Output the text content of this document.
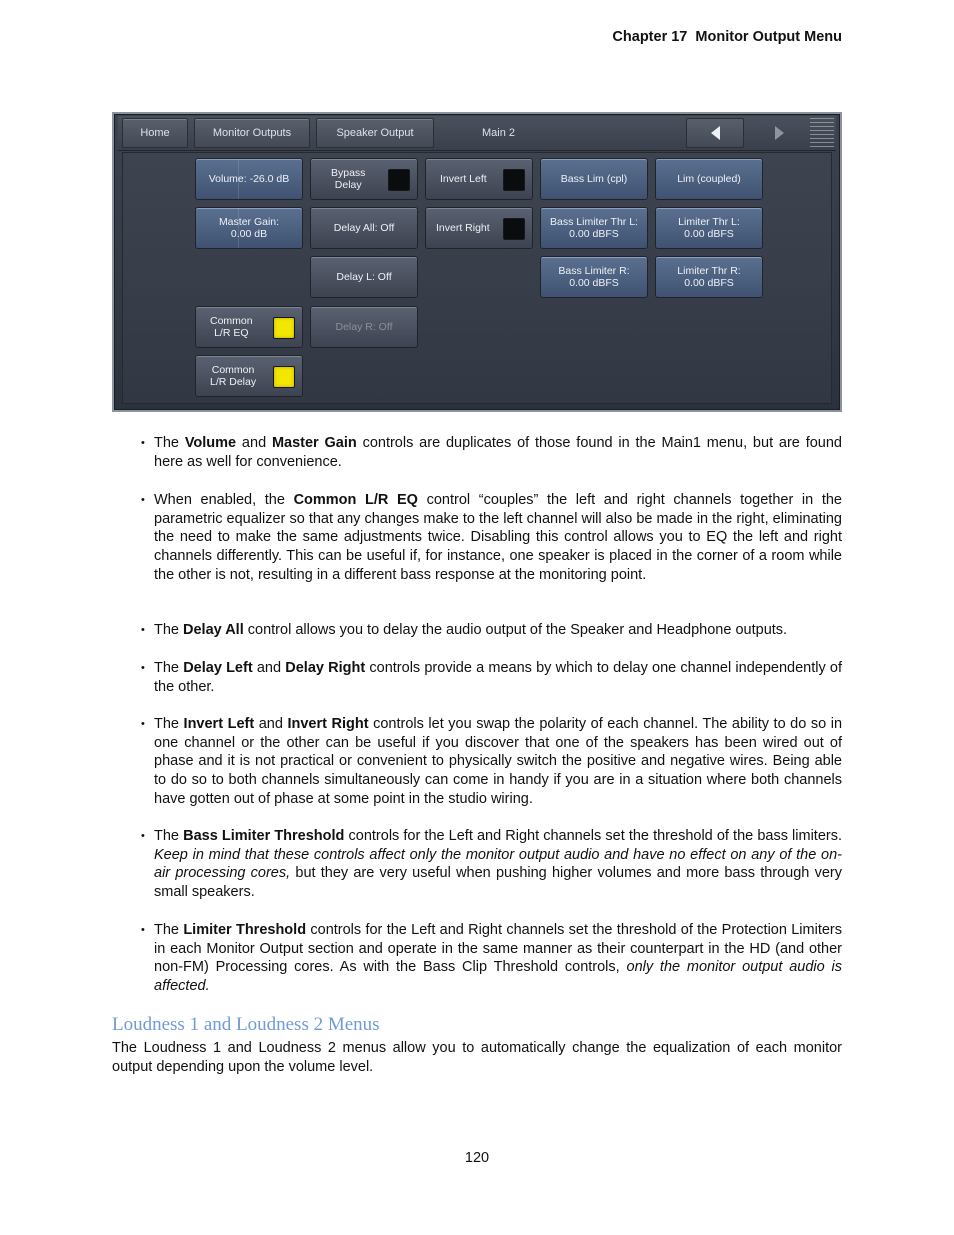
Chapter 17  Monitor Output Menu
Home	Monitor Outputs	Speaker Output	Main 2
Volume: -26.0 dB
Master Gain:
0.00 dB
Common
L/R EQ
Common
L/R Delay
Bypass
Delay
Delay All: Off
Delay L: Off
Delay R: Off
Invert Left
Invert Right
Bass Lim (cpl)
Bass Limiter Thr L:
0.00 dBFS
Bass Limiter R:
0.00 dBFS
Lim (coupled)
Limiter Thr L:
0.00 dBFS
Limiter Thr R:
0.00 dBFS
• The Volume and Master Gain controls are duplicates of those found in the Main1 menu, but are found here as well for convenience.
• When enabled, the Common L/R EQ control “couples” the left and right channels together in the parametric equalizer so that any changes make to the left channel will also be made in the right, eliminating the need to make the same adjustments twice. Disabling this control allows you to EQ the left and right channels differently. This can be useful if, for instance, one speaker is placed in the corner of a room while the other is not, resulting in a different bass response at the monitoring point.
• The Delay All control allows you to delay the audio output of the Speaker and Headphone outputs.
• The Delay Left and Delay Right controls provide a means by which to delay one channel independently of the other.
• The Invert Left and Invert Right controls let you swap the polarity of each channel. The ability to do so in one channel or the other can be useful if you discover that one of the speakers has been wired out of phase and it is not practical or convenient to physically switch the positive and negative wires. Being able to do so to both channels simultaneously can come in handy if you are in a situation where both channels have gotten out of phase at some point in the studio wiring.
• The Bass Limiter Threshold controls for the Left and Right channels set the threshold of the bass limiters. Keep in mind that these controls affect only the monitor output audio and have no effect on any of the on-air processing cores, but they are very useful when pushing higher volumes and more bass through very small speakers.
• The Limiter Threshold controls for the Left and Right channels set the threshold of the Protection Limiters in each Monitor Output section and operate in the same manner as their counterpart in the HD (and other non-FM) Processing cores. As with the Bass Clip Threshold controls, only the monitor output audio is affected.
Loudness 1 and Loudness 2 Menus
The Loudness 1 and Loudness 2 menus allow you to automatically change the equalization of each monitor output depending upon the volume level.
120
